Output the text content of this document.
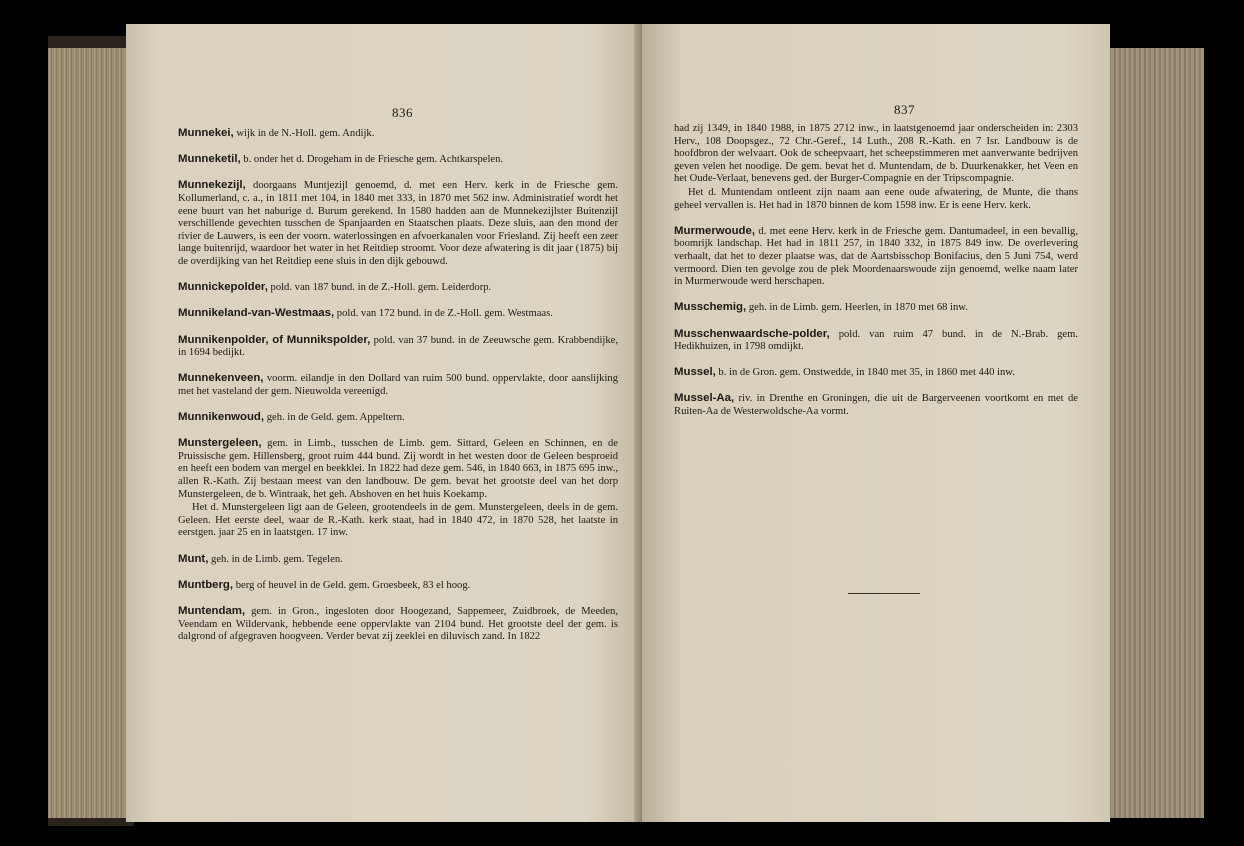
836

Munnekei, wijk in de N.-Holl. gem. Andijk.

Munneketil, b. onder het d. Drogeham in de Friesche gem. Achtkarspelen.

Munnekezijl, doorgaans Muntjezijl genoemd, d. met een Herv. kerk in de Friesche gem. Kollumerland, c. a., in 1811 met 104, in 1840 met 333, in 1870 met 562 inw. Administratief wordt het eene buurt van het naburige d. Burum gerekend. In 1580 hadden aan de Munnekezijlster Buitenzijl verschillende gevechten tusschen de Spanjaarden en Staatschen plaats. Deze sluis, aan den mond der rivier de Lauwers, is een der voorn. waterlossingen en afvoerkanalen voor Friesland. Zij heeft een zeer lange buitenrijd, waardoor het water in het Reitdiep stroomt. Voor deze afwatering is dit jaar (1875) bij de overdijking van het Reitdiep eene sluis in den dijk gebouwd.

Munnickepolder, pold. van 187 bund. in de Z.-Holl. gem. Leiderdorp.

Munnikeland-van-Westmaas, pold. van 172 bund. in de Z.-Holl. gem. Westmaas.

Munnikenpolder, of Munnikspolder, pold. van 37 bund. in de Zeeuwsche gem. Krabbendijke, in 1694 bedijkt.

Munnekenveen, voorm. eilandje in den Dollard van ruim 500 bund. oppervlakte, door aanslijking met het vasteland der gem. Nieuwolda vereenigd.

Munnikenwoud, geh. in de Geld. gem. Appeltern.

Munstergeleen, gem. in Limb., tusschen de Limb. gem. Sittard, Geleen en Schinnen, en de Pruissische gem. Hillensberg, groot ruim 444 bund. Zij wordt in het westen door de Geleen besproeid en heeft een bodem van mergel en beekklei. In 1822 had deze gem. 546, in 1840 663, in 1875 695 inw., allen R.-Kath. Zij bestaan meest van den landbouw. De gem. bevat het grootste deel van het dorp Munstergeleen, de b. Wintraak, het geh. Abshoven en het huis Koekamp.

Het d. Munstergeleen ligt aan de Geleen, grootendeels in de gem. Munstergeleen, deels in de gem. Geleen. Het eerste deel, waar de R.-Kath. kerk staat, had in 1840 472, in 1870 528, het laatste in eerstgen. jaar 25 en in laatstgen. 17 inw.

Munt, geh. in de Limb. gem. Tegelen.

Muntberg, berg of heuvel in de Geld. gem. Groesbeek, 83 el hoog.

Muntendam, gem. in Gron., ingesloten door Hoogezand, Sappemeer, Zuidbroek, de Meeden, Veendam en Wildervank, hebbende eene oppervlakte van 2104 bund. Het grootste deel der gem. is dalgrond of afgegraven hoogveen. Verder bevat zij zeeklei en diluvisch zand. In 1822

837

had zij 1349, in 1840 1988, in 1875 2712 inw., in laatstgenoemd jaar onderscheiden in: 2303 Herv., 108 Doopsgez., 72 Chr.-Geref., 14 Luth., 208 R.-Kath. en 7 Isr. Landbouw is de hoofdbron der welvaart. Ook de scheepvaart, het scheepstimmeren met aanverwante bedrijven geven velen het noodige. De gem. bevat het d. Muntendam, de b. Duurkenakker, het Veen en het Oude-Verlaat, benevens ged. der Burger-Compagnie en der Tripscompagnie.

Het d. Muntendam ontleent zijn naam aan eene oude afwatering, de Munte, die thans geheel vervallen is. Het had in 1870 binnen de kom 1598 inw. Er is eene Herv. kerk.

Murmerwoude, d. met eene Herv. kerk in de Friesche gem. Dantumadeel, in een bevallig, boomrijk landschap. Het had in 1811 257, in 1840 332, in 1875 849 inw. De overlevering verhaalt, dat het to dezer plaatse was, dat de Aartsbisschop Bonifacius, den 5 Juni 754, werd vermoord. Dien ten gevolge zou de plek Moordenaarswoude zijn genoemd, welke naam later in Murmerwoude werd herschapen.

Musschemig, geh. in de Limb. gem. Heerlen, in 1870 met 68 inw.

Musschenwaardsche-polder, pold. van ruim 47 bund. in de N.-Brab. gem. Hedikhuizen, in 1798 omdijkt.

Mussel, b. in de Gron. gem. Onstwedde, in 1840 met 35, in 1860 met 440 inw.

Mussel-Aa, riv. in Drenthe en Groningen, die uit de Bargerveenen voortkomt en met de Ruiten-Aa de Westerwoldsche-Aa vormt.
